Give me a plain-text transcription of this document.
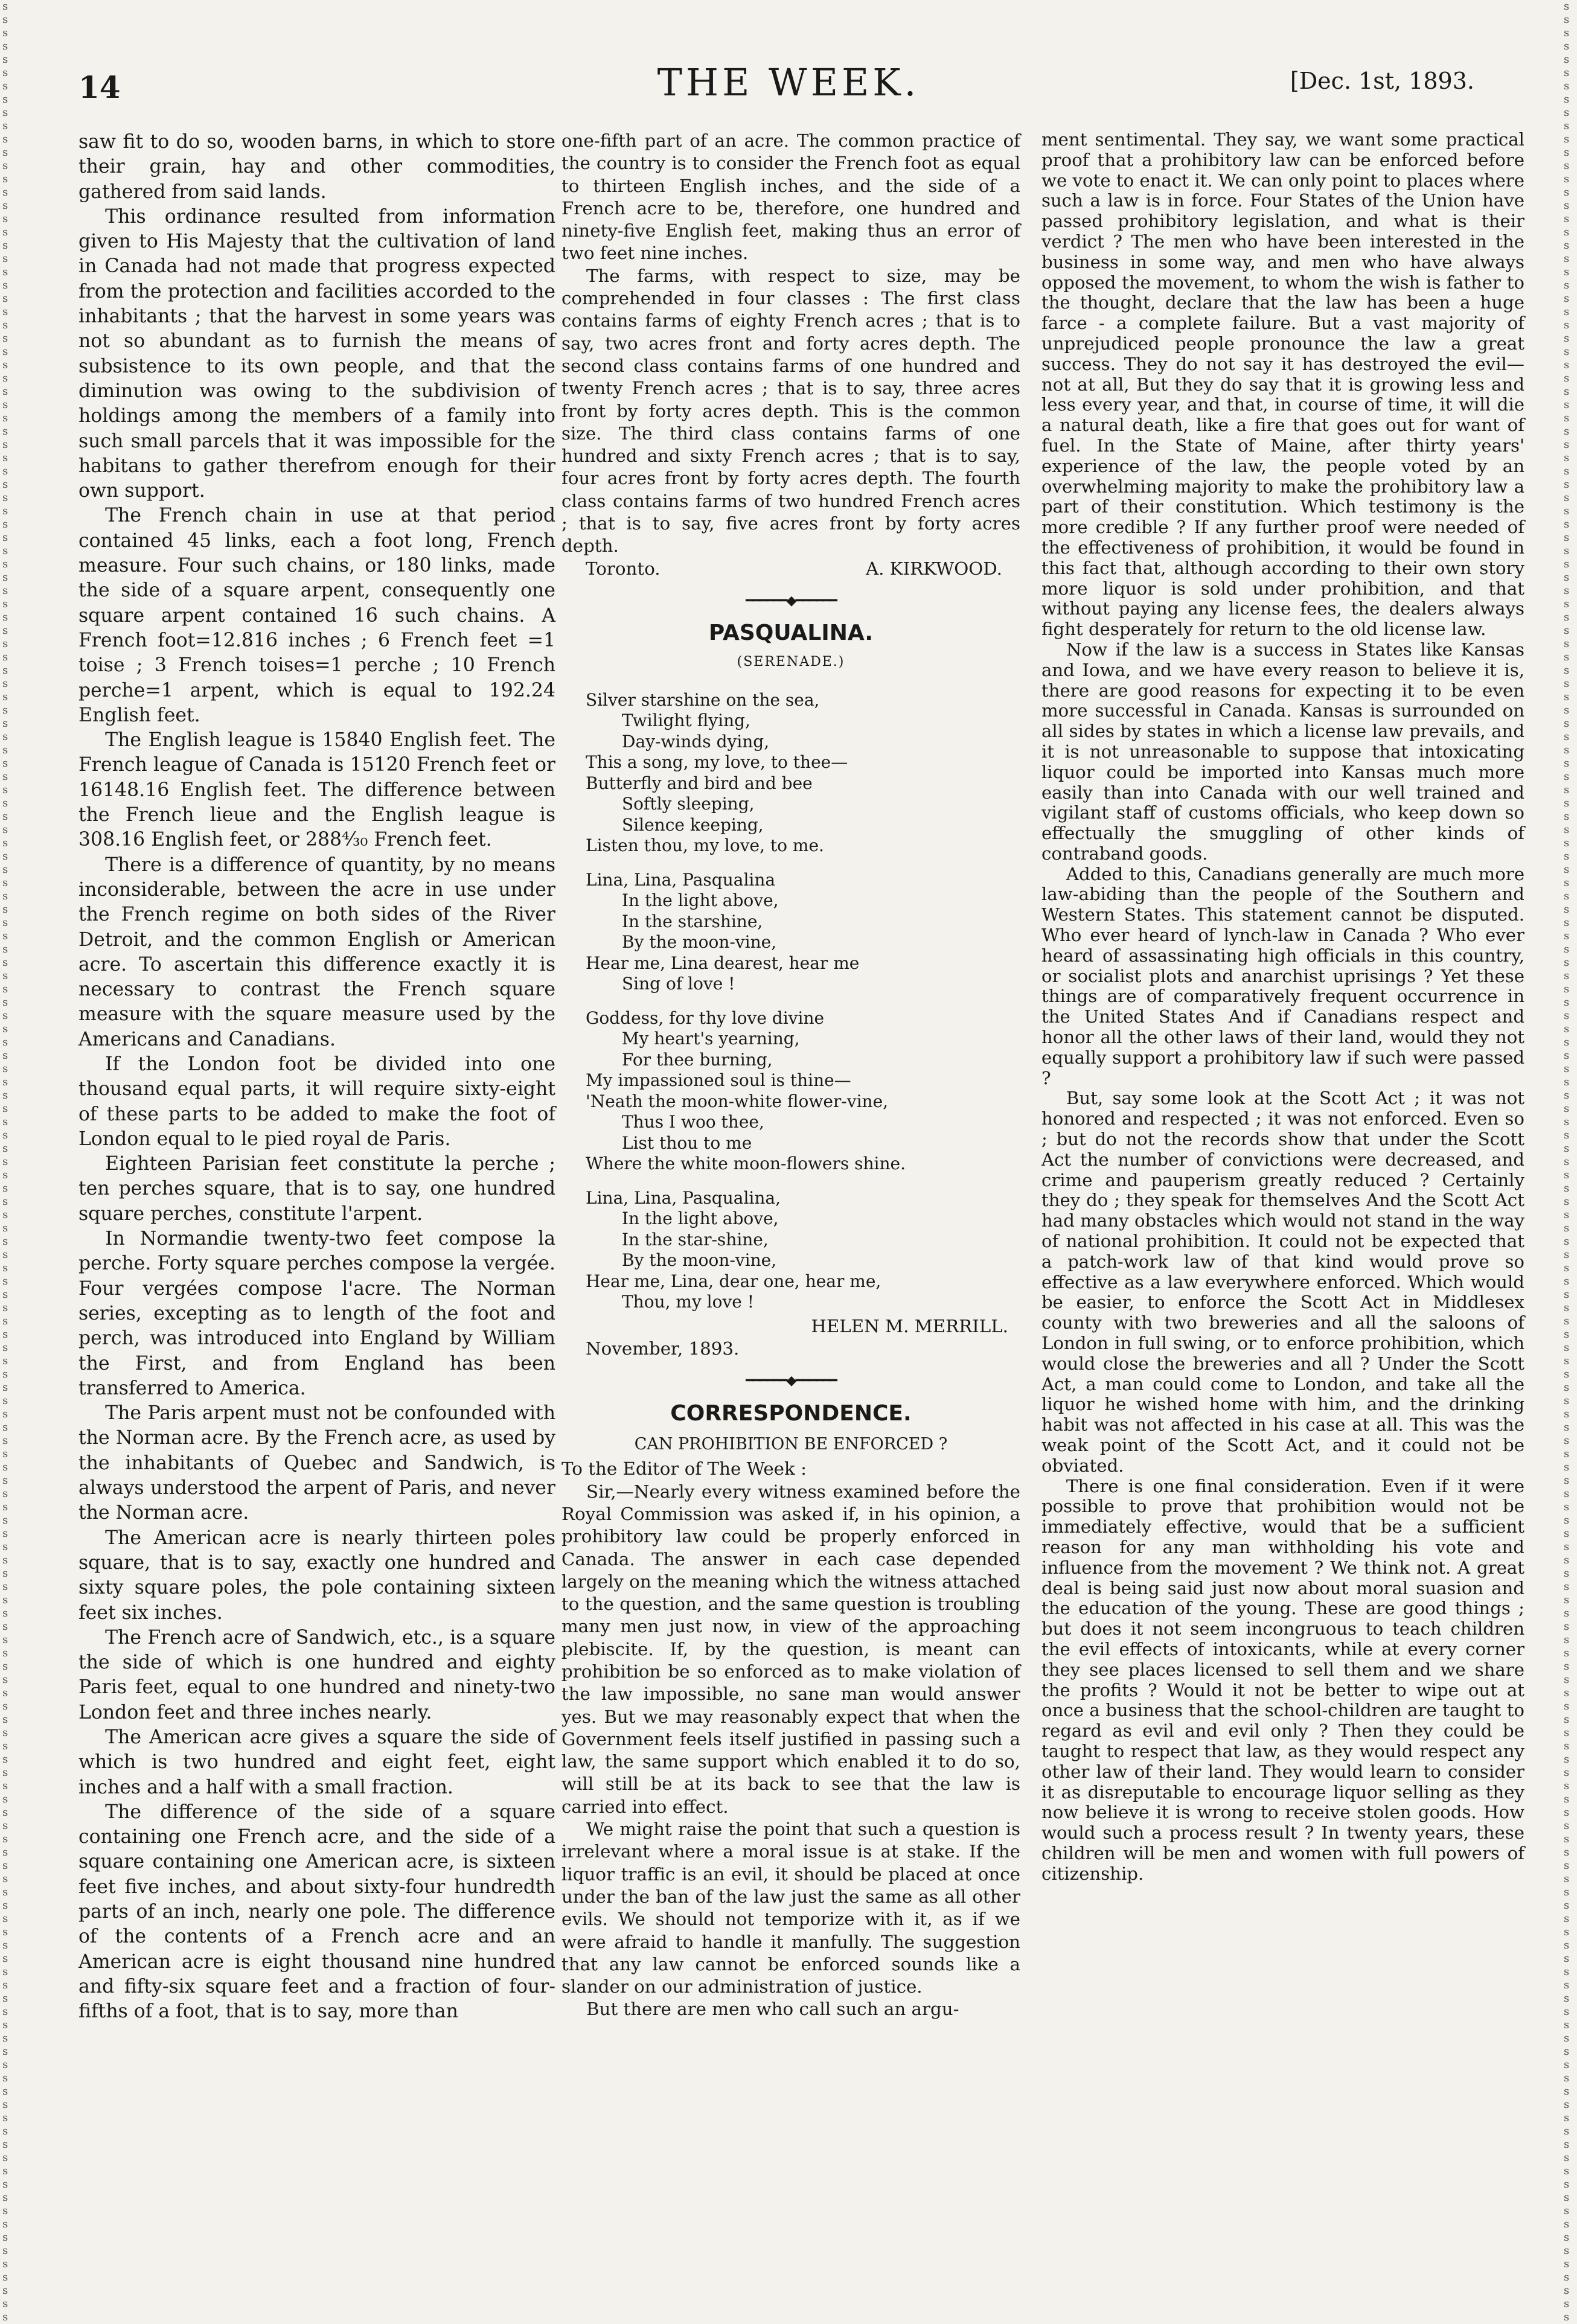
sssssssssssssssssssssssssssssssssssssssssssssssssssssssssssssssssssssssssssssssssssssssssssssssssssssssssssssssssssssssssssssssssssssssssssssssssssssssssssssssssssssssssssssss
sssssssssssssssssssssssssssssssssssssssssssssssssssssssssssssssssssssssssssssssssssssssssssssssssssssssssssssssssssssssssssssssssssssssssssssssssssssssssssssssssssssssssssssss
14	THE WEEK.	[Dec. 1st, 1893.

saw fit to do so, wooden barns, in which to store their grain, hay and other commodities, gathered from said lands.

This ordinance resulted from information given to His Majesty that the cultivation of land in Canada had not made that progress expected from the protection and facilities accorded to the inhabitants ; that the harvest in some years was not so abundant as to furnish the means of subsistence to its own people, and that the diminution was owing to the subdivision of holdings among the members of a family into such small parcels that it was impossible for the habitans to gather therefrom enough for their own support.

The French chain in use at that period contained 45 links, each a foot long, French measure. Four such chains, or 180 links, made the side of a square arpent, consequently one square arpent contained 16 such chains. A French foot=12.816 inches ; 6 French feet =1 toise ; 3 French toises=1 perche ; 10 French perche=1 arpent, which is equal to 192.24 English feet.

The English league is 15840 English feet. The French league of Canada is 15120 French feet or 16148.16 English feet. The difference between the French lieue and the English league is 308.16 English feet, or 288⁴⁄₃₀ French feet.

There is a difference of quantity, by no means inconsiderable, between the acre in use under the French regime on both sides of the River Detroit, and the common English or American acre. To ascertain this difference exactly it is necessary to contrast the French square measure with the square measure used by the Americans and Canadians.

If the London foot be divided into one thousand equal parts, it will require sixty-eight of these parts to be added to make the foot of London equal to le pied royal de Paris.

Eighteen Parisian feet constitute la perche ; ten perches square, that is to say, one hundred square perches, constitute l'arpent.

In Normandie twenty-two feet compose la perche. Forty square perches compose la vergée. Four vergées compose l'acre. The Norman series, excepting as to length of the foot and perch, was introduced into England by William the First, and from England has been transferred to America.

The Paris arpent must not be confounded with the Norman acre. By the French acre, as used by the inhabitants of Quebec and Sandwich, is always understood the arpent of Paris, and never the Norman acre.

The American acre is nearly thirteen poles square, that is to say, exactly one hundred and sixty square poles, the pole containing sixteen feet six inches.

The French acre of Sandwich, etc., is a square the side of which is one hundred and eighty Paris feet, equal to one hundred and ninety-two London feet and three inches nearly.

The American acre gives a square the side of which is two hundred and eight feet, eight inches and a half with a small fraction.

The difference of the side of a square containing one French acre, and the side of a square containing one American acre, is sixteen feet five inches, and about sixty-four hundredth parts of an inch, nearly one pole. The difference of the contents of a French acre and an American acre is eight thousand nine hundred and fifty-six square feet and a fraction of four-fifths of a foot, that is to say, more than

one-fifth part of an acre. The common practice of the country is to consider the French foot as equal to thirteen English inches, and the side of a French acre to be, therefore, one hundred and ninety-five English feet, making thus an error of two feet nine inches.

The farms, with respect to size, may be comprehended in four classes : The first class contains farms of eighty French acres ; that is to say, two acres front and forty acres depth. The second class contains farms of one hundred and twenty French acres ; that is to say, three acres front by forty acres depth. This is the common size. The third class contains farms of one hundred and sixty French acres ; that is to say, four acres front by forty acres depth. The fourth class contains farms of two hundred French acres ; that is to say, five acres front by forty acres depth.

Toronto.	A. KIRKWOOD.
━━━━━━◆━━━━━━
PASQUALINA.
(SERENADE.)
Silver starshine on the sea,
Twilight flying,
Day-winds dying,
This a song, my love, to thee—
Butterfly and bird and bee
Softly sleeping,
Silence keeping,
Listen thou, my love, to me.
Lina, Lina, Pasqualina
In the light above,
In the starshine,
By the moon-vine,
Hear me, Lina dearest, hear me
Sing of love !
Goddess, for thy love divine
My heart's yearning,
For thee burning,
My impassioned soul is thine—
'Neath the moon-white flower-vine,
Thus I woo thee,
List thou to me
Where the white moon-flowers shine.
Lina, Lina, Pasqualina,
In the light above,
In the star-shine,
By the moon-vine,
Hear me, Lina, dear one, hear me,
Thou, my love !
HELEN M. MERRILL.
November, 1893.
━━━━━━◆━━━━━━
CORRESPONDENCE.
CAN PROHIBITION BE ENFORCED ?

To the Editor of The Week :

Sir,—Nearly every witness examined before the Royal Commission was asked if, in his opinion, a prohibitory law could be properly enforced in Canada. The answer in each case depended largely on the meaning which the witness attached to the question, and the same question is troubling many men just now, in view of the approaching plebiscite. If, by the question, is meant can prohibition be so enforced as to make violation of the law impossible, no sane man would answer yes. But we may reasonably expect that when the Government feels itself justified in passing such a law, the same support which enabled it to do so, will still be at its back to see that the law is carried into effect.

We might raise the point that such a question is irrelevant where a moral issue is at stake. If the liquor traffic is an evil, it should be placed at once under the ban of the law just the same as all other evils. We should not temporize with it, as if we were afraid to handle it manfully. The suggestion that any law cannot be enforced sounds like a slander on our administration of justice.

But there are men who call such an argu-

ment sentimental. They say, we want some practical proof that a prohibitory law can be enforced before we vote to enact it. We can only point to places where such a law is in force. Four States of the Union have passed prohibitory legislation, and what is their verdict ? The men who have been interested in the business in some way, and men who have always opposed the movement, to whom the wish is father to the thought, declare that the law has been a huge farce - a complete failure. But a vast majority of unprejudiced people pronounce the law a great success. They do not say it has destroyed the evil—not at all, But they do say that it is growing less and less every year, and that, in course of time, it will die a natural death, like a fire that goes out for want of fuel. In the State of Maine, after thirty years' experience of the law, the people voted by an overwhelming majority to make the prohibitory law a part of their constitution. Which testimony is the more credible ? If any further proof were needed of the effectiveness of prohibition, it would be found in this fact that, although according to their own story more liquor is sold under prohibition, and that without paying any license fees, the dealers always fight desperately for return to the old license law.

Now if the law is a success in States like Kansas and Iowa, and we have every reason to believe it is, there are good reasons for expecting it to be even more successful in Canada. Kansas is surrounded on all sides by states in which a license law prevails, and it is not unreasonable to suppose that intoxicating liquor could be imported into Kansas much more easily than into Canada with our well trained and vigilant staff of customs officials, who keep down so effectually the smuggling of other kinds of contraband goods.

Added to this, Canadians generally are much more law-abiding than the people of the Southern and Western States. This statement cannot be disputed. Who ever heard of lynch-law in Canada ? Who ever heard of assassinating high officials in this country, or socialist plots and anarchist uprisings ? Yet these things are of comparatively frequent occurrence in the United States And if Canadians respect and honor all the other laws of their land, would they not equally support a prohibitory law if such were passed ?

But, say some look at the Scott Act ; it was not honored and respected ; it was not enforced. Even so ; but do not the records show that under the Scott Act the number of convictions were decreased, and crime and pauperism greatly reduced ? Certainly they do ; they speak for themselves And the Scott Act had many obstacles which would not stand in the way of national prohibition. It could not be expected that a patch-work law of that kind would prove so effective as a law everywhere enforced. Which would be easier, to enforce the Scott Act in Middlesex county with two breweries and all the saloons of London in full swing, or to enforce prohibition, which would close the breweries and all ? Under the Scott Act, a man could come to London, and take all the liquor he wished home with him, and the drinking habit was not affected in his case at all. This was the weak point of the Scott Act, and it could not be obviated.

There is one final consideration. Even if it were possible to prove that prohibition would not be immediately effective, would that be a sufficient reason for any man withholding his vote and influence from the movement ? We think not. A great deal is being said just now about moral suasion and the education of the young. These are good things ; but does it not seem incongruous to teach children the evil effects of intoxicants, while at every corner they see places licensed to sell them and we share the profits ? Would it not be better to wipe out at once a business that the school-children are taught to regard as evil and evil only ? Then they could be taught to respect that law, as they would respect any other law of their land. They would learn to consider it as disreputable to encourage liquor selling as they now believe it is wrong to receive stolen goods. How would such a process result ? In twenty years, these children will be men and women with full powers of citizenship.
